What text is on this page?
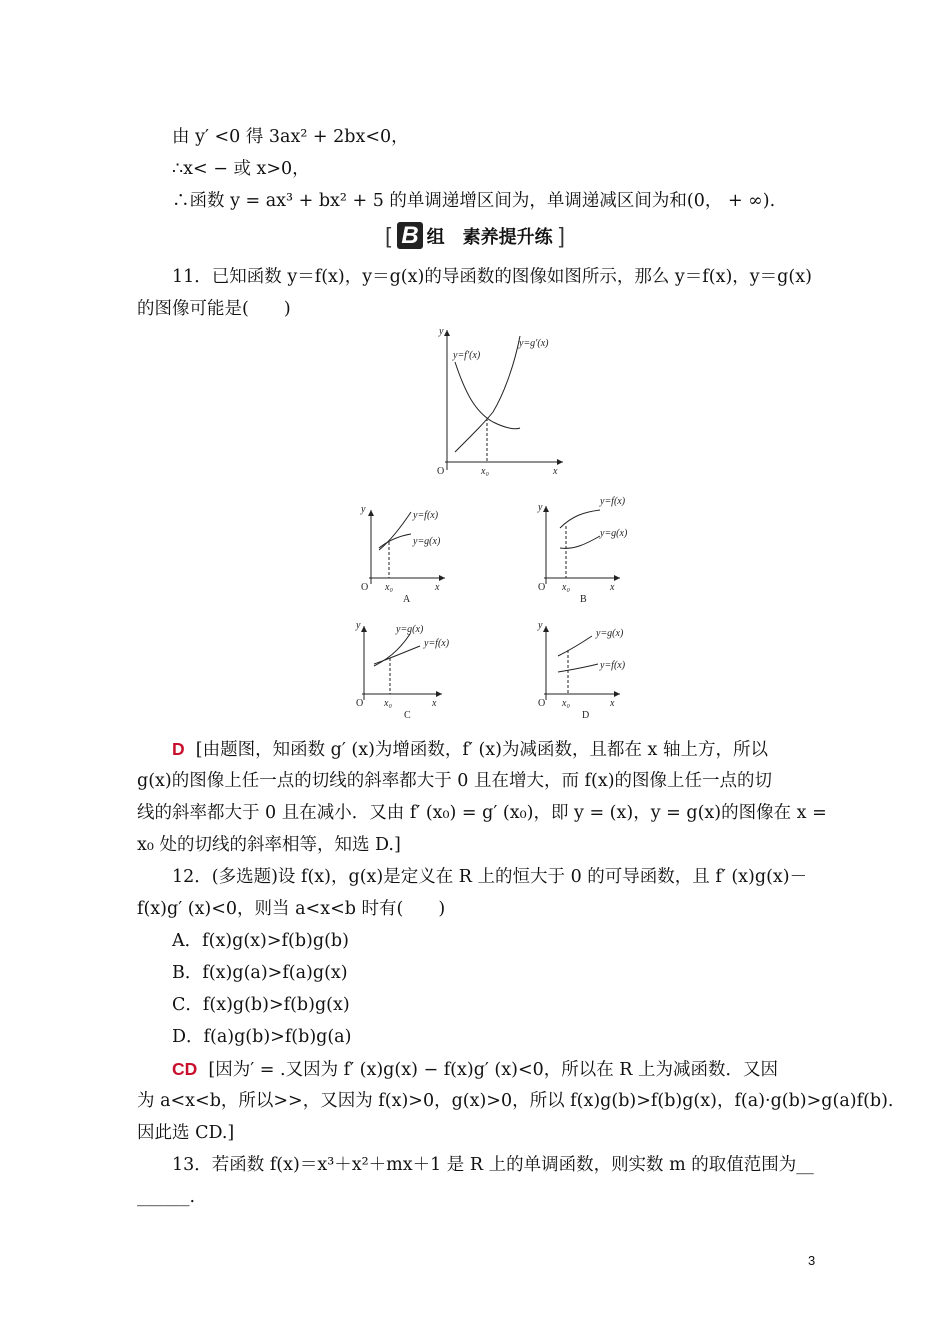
由 y′ <0 得 3ax² + 2bx<0，
∴x< − 或 x>0，
∴函数 y = ax³ + bx² + 5 的单调递增区间为，单调递减区间为和(0， + ∞).
[ B 组　素养提升练 ]
11．已知函数 y＝f(x)，y＝g(x)的导函数的图像如图所示，那么 y＝f(x)，y＝g(x)
的图像可能是(　　)
y
x
O	x₀
y=f′(x)
y=g′(x)
y
x
O x₀
y=f(x)
y=g(x)
A
y
x
O x₀
y=f(x)
y=g(x)
B
y
x
O x₀
y=g(x)
y=f(x)
C
y
x
O x₀
y=g(x)
y=f(x)
D
D [由题图，知函数 g′ (x)为增函数，f′ (x)为减函数，且都在 x 轴上方，所以
g(x)的图像上任一点的切线的斜率都大于 0 且在增大，而 f(x)的图像上任一点的切
线的斜率都大于 0 且在减小．又由 f′ (x₀) = g′ (x₀)，即 y = (x)，y = g(x)的图像在 x =
x₀ 处的切线的斜率相等，知选 D.]
12．(多选题)设 f(x)，g(x)是定义在 R 上的恒大于 0 的可导函数，且 f′ (x)g(x)－
f(x)g′ (x)<0，则当 a<x<b 时有(　　)
A．f(x)g(x)>f(b)g(b)
B．f(x)g(a)>f(a)g(x)
C．f(x)g(b)>f(b)g(x)
D．f(a)g(b)>f(b)g(a)
CD [因为′ = .又因为 f′ (x)g(x) − f(x)g′ (x)<0，所以在 R 上为减函数．又因
为 a<x<b，所以>>，又因为 f(x)>0，g(x)>0，所以 f(x)g(b)>f(b)g(x)，f(a)·g(b)>g(a)f(b).
因此选 CD.]
13．若函数 f(x)＝x³＋x²＋mx＋1 是 R 上的单调函数，则实数 m 的取值范围为__
______.
3
